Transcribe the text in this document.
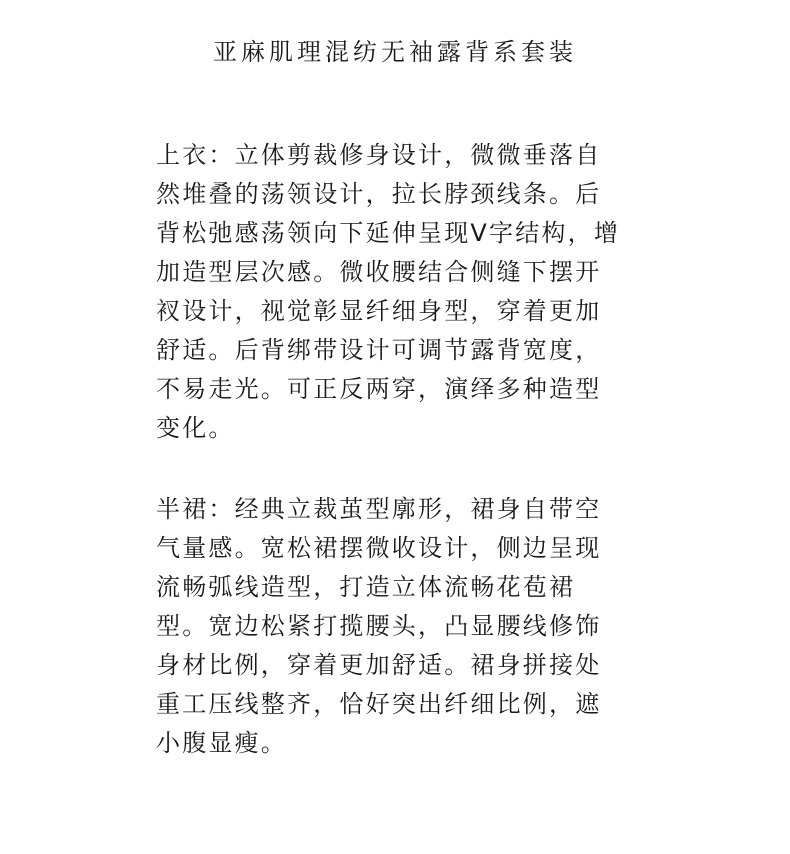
亚麻肌理混纺无袖露背系套装
上衣：立体剪裁修身设计，微微垂落自
然堆叠的荡领设计，拉长脖颈线条。后
背松弛感荡领向下延伸呈现V字结构，增
加造型层次感。微收腰结合侧缝下摆开
衩设计，视觉彰显纤细身型，穿着更加
舒适。后背绑带设计可调节露背宽度，
不易走光。可正反两穿，演绎多种造型
变化。
半裙：经典立裁茧型廓形，裙身自带空
气量感。宽松裙摆微收设计，侧边呈现
流畅弧线造型，打造立体流畅花苞裙
型。宽边松紧打揽腰头，凸显腰线修饰
身材比例，穿着更加舒适。裙身拼接处
重工压线整齐，恰好突出纤细比例，遮
小腹显瘦。
